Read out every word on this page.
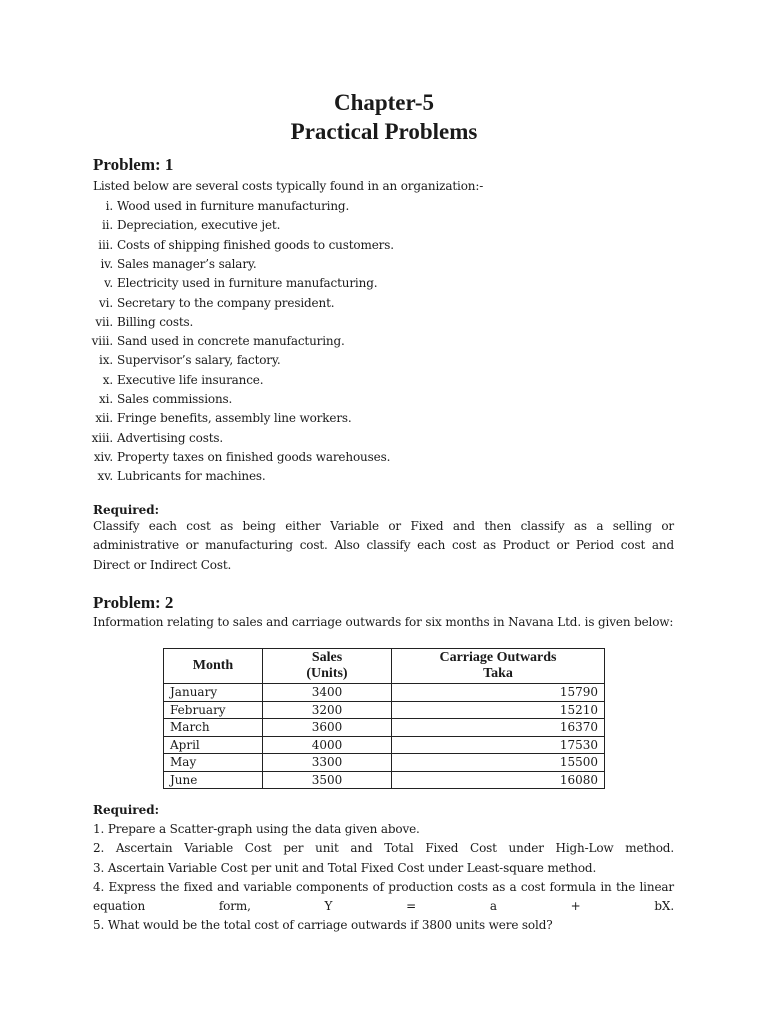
Chapter-5
Practical Problems
Problem: 1

Listed below are several costs typically found in an organization:-

i. Wood used in furniture manufacturing.
ii. Depreciation, executive jet.
iii. Costs of shipping finished goods to customers.
iv. Sales manager’s salary.
v. Electricity used in furniture manufacturing.
vi. Secretary to the company president.
vii. Billing costs.
viii. Sand used in concrete manufacturing.
ix. Supervisor’s salary, factory.
x. Executive life insurance.
xi. Sales commissions.
xii. Fringe benefits, assembly line workers.
xiii. Advertising costs.
xiv. Property taxes on finished goods warehouses.
xv. Lubricants for machines.

Required:

Classify each cost as being either Variable or Fixed and then classify as a selling or administrative or manufacturing cost. Also classify each cost as Product or Period cost and Direct or Indirect Cost.

Problem: 2

Information relating to sales and carriage outwards for six months in Navana Ltd. is given below:

Month	Sales
(Units)	Carriage Outwards
Taka
January	3400	15790
February	3200	15210
March	3600	16370
April	4000	17530
May	3300	15500
June	3500	16080

Required:

1. Prepare a Scatter-graph using the data given above.
2. Ascertain Variable Cost per unit and Total Fixed Cost under High-Low method.
3. Ascertain Variable Cost per unit and Total Fixed Cost under Least-square method.
4. Express the fixed and variable components of production costs as a cost formula in the linear equation form, Y = a + bX.
5. What would be the total cost of carriage outwards if 3800 units were sold?
